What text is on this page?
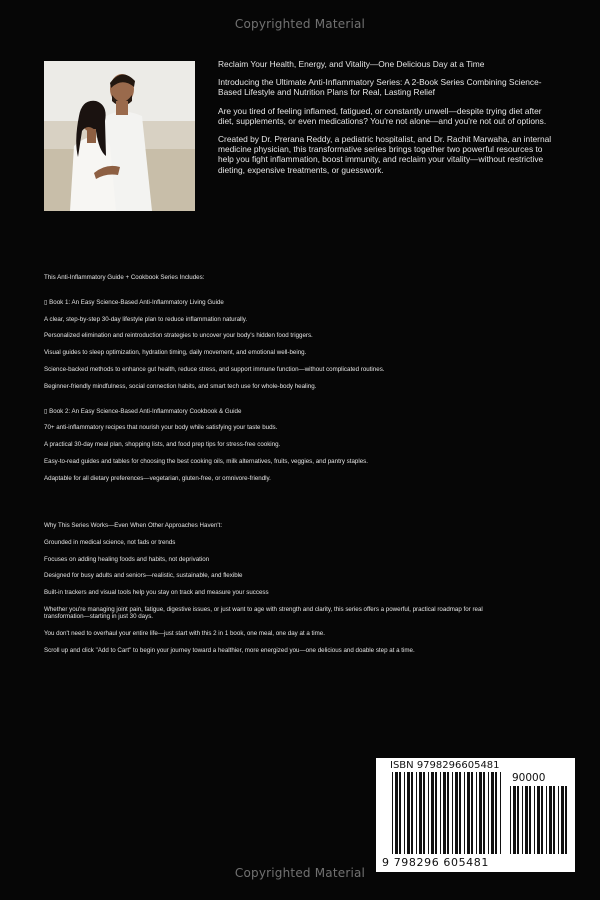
Copyrighted Material

Reclaim Your Health, Energy, and Vitality—One Delicious Day at a Time

Introducing the Ultimate Anti-Inflammatory Series: A 2-Book Series Combining Science-Based Lifestyle and Nutrition Plans for Real, Lasting Relief

Are you tired of feeling inflamed, fatigued, or constantly unwell—despite trying diet after diet, supplements, or even medications? You're not alone—and you're not out of options.

Created by Dr. Prerana Reddy, a pediatric hospitalist, and Dr. Rachit Marwaha, an internal medicine physician, this transformative series brings together two powerful resources to help you fight inflammation, boost immunity, and reclaim your vitality—without restrictive dieting, expensive treatments, or guesswork.

This Anti-Inflammatory Guide + Cookbook Series Includes:
▯ Book 1: An Easy Science-Based Anti-Inflammatory Living Guide
A clear, step-by-step 30-day lifestyle plan to reduce inflammation naturally.
Personalized elimination and reintroduction strategies to uncover your body's hidden food triggers.
Visual guides to sleep optimization, hydration timing, daily movement, and emotional well-being.
Science-backed methods to enhance gut health, reduce stress, and support immune function—without complicated routines.
Beginner-friendly mindfulness, social connection habits, and smart tech use for whole-body healing.
▯ Book 2: An Easy Science-Based Anti-Inflammatory Cookbook & Guide
70+ anti-inflammatory recipes that nourish your body while satisfying your taste buds.
A practical 30-day meal plan, shopping lists, and food prep tips for stress-free cooking.
Easy-to-read guides and tables for choosing the best cooking oils, milk alternatives, fruits, veggies, and pantry staples.
Adaptable for all dietary preferences—vegetarian, gluten-free, or omnivore-friendly.
Why This Series Works—Even When Other Approaches Haven't:
Grounded in medical science, not fads or trends
Focuses on adding healing foods and habits, not deprivation
Designed for busy adults and seniors—realistic, sustainable, and flexible
Built-in trackers and visual tools help you stay on track and measure your success
Whether you're managing joint pain, fatigue, digestive issues, or just want to age with strength and clarity, this series offers a powerful, practical roadmap for real transformation—starting in just 30 days.
You don't need to overhaul your entire life—just start with this 2 in 1 book, one meal, one day at a time.
Scroll up and click "Add to Cart" to begin your journey toward a healthier, more energized you—one delicious and doable step at a time.
ISBN 9798296605481
90000
9 798296 605481
Copyrighted Material
